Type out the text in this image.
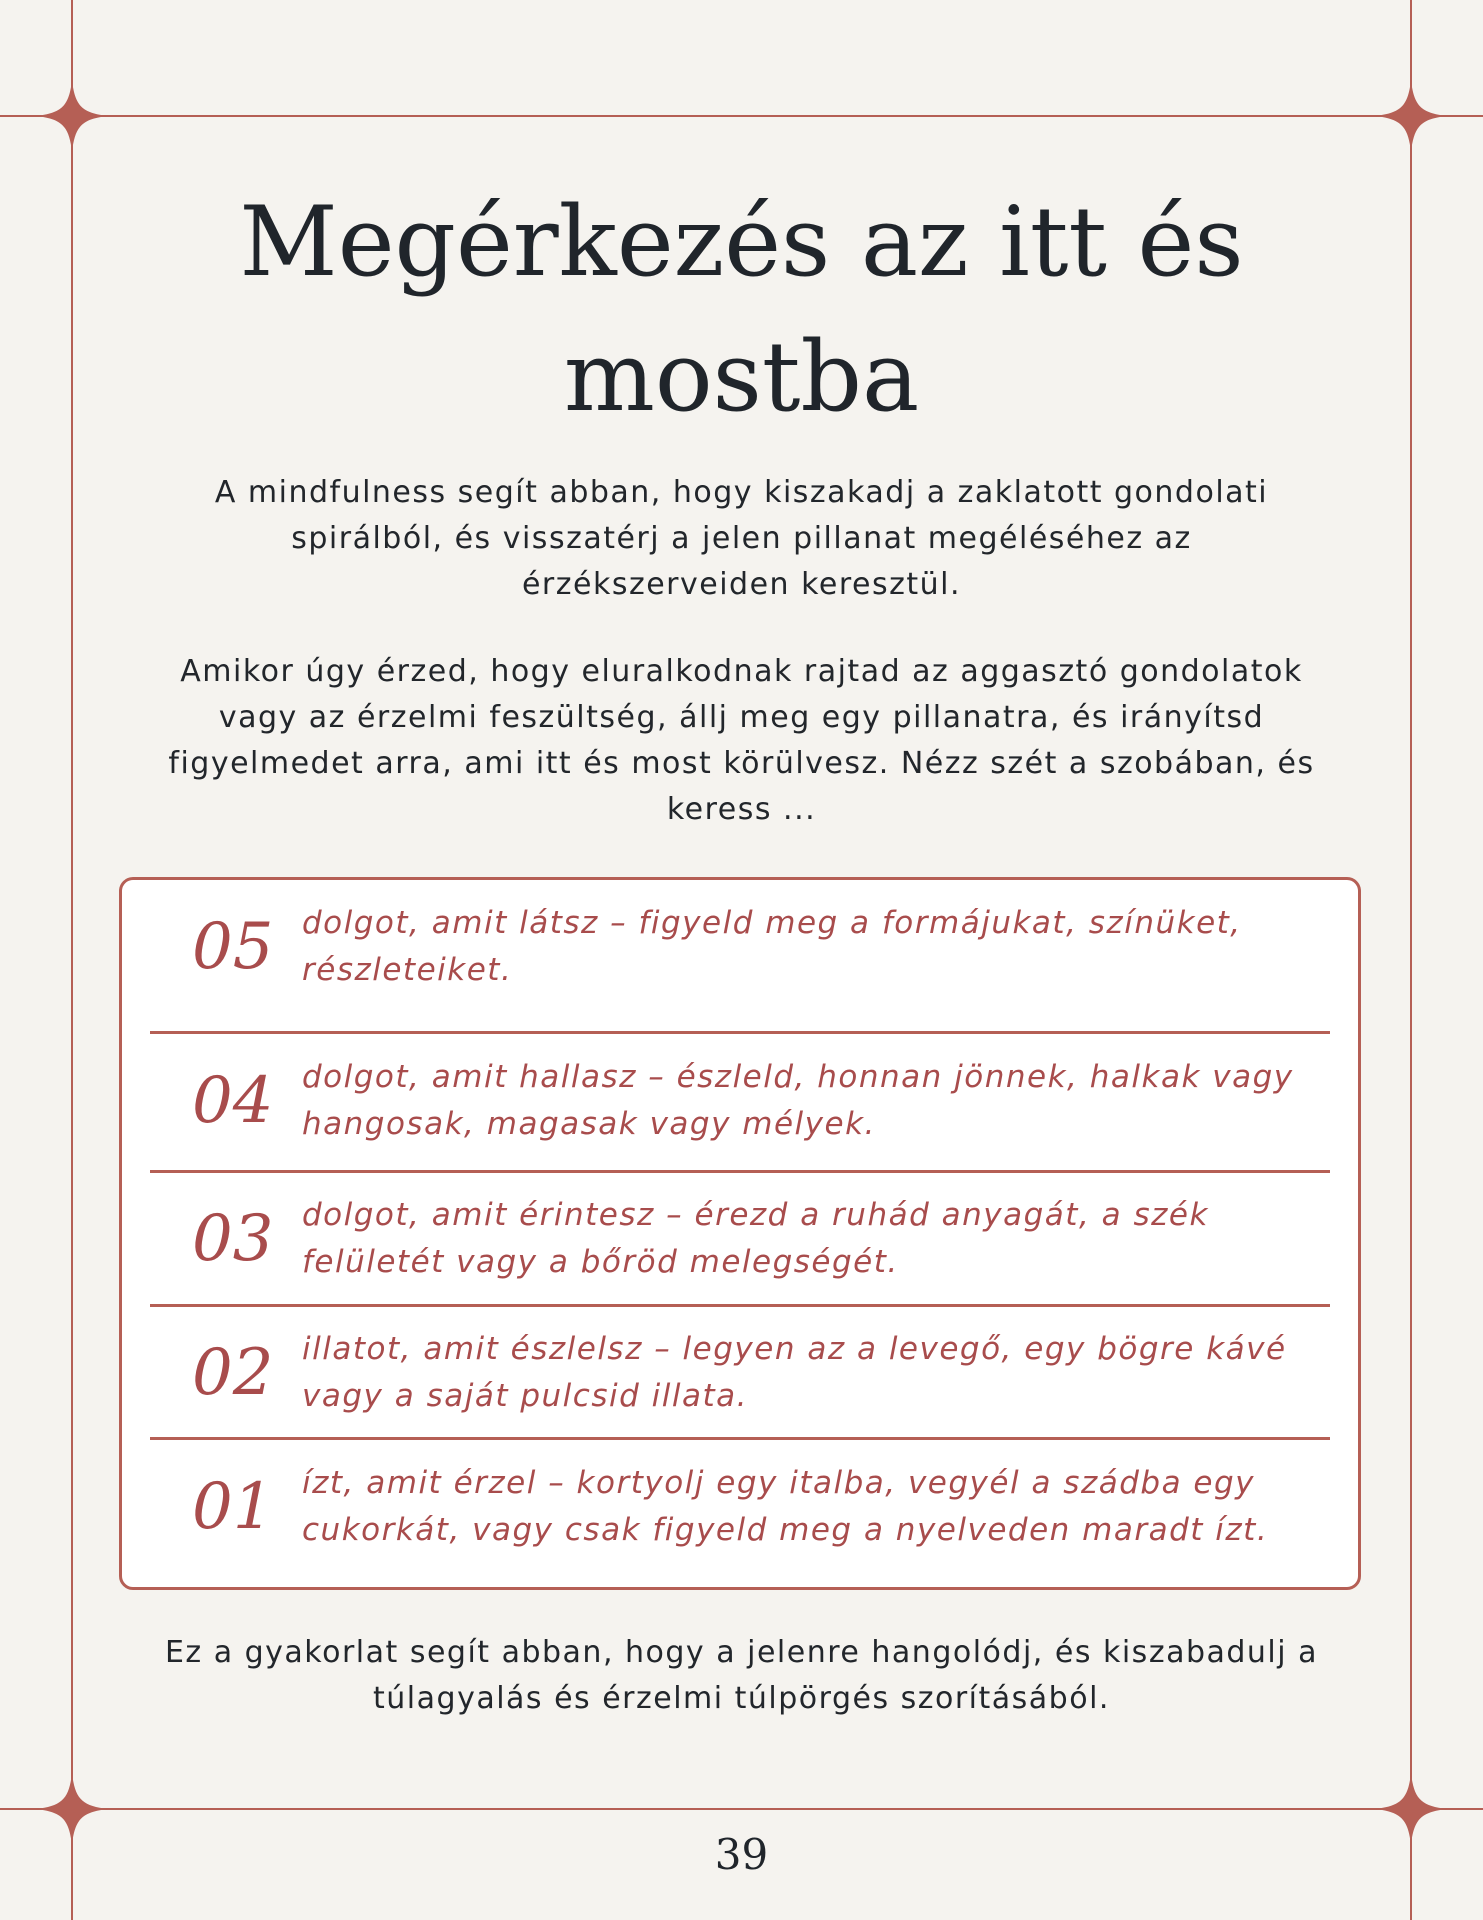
Megérkezés az itt és mostba

A mindfulness segít abban, hogy kiszakadj a zaklatott gondolati spirálból, és visszatérj a jelen pillanat megéléséhez az érzékszerveiden keresztül.

Amikor úgy érzed, hogy eluralkodnak rajtad az aggasztó gondolatok vagy az érzelmi feszültség, állj meg egy pillanatra, és irányítsd figyelmedet arra, ami itt és most körülvesz. Nézz szét a szobában, és keress ...

05 dolgot, amit látsz – figyeld meg a formájukat, színüket, részleteiket.

04 dolgot, amit hallasz – észleld, honnan jönnek, halkak vagy hangosak, magasak vagy mélyek.

03 dolgot, amit érintesz – érezd a ruhád anyagát, a szék felületét vagy a bőröd melegségét.

02 illatot, amit észlelsz – legyen az a levegő, egy bögre kávé vagy a saját pulcsid illata.

01 ízt, amit érzel – kortyolj egy italba, vegyél a szádba egy cukorkát, vagy csak figyeld meg a nyelveden maradt ízt.

Ez a gyakorlat segít abban, hogy a jelenre hangolódj, és kiszabadulj a túlagyalás és érzelmi túlpörgés szorításából.

39
